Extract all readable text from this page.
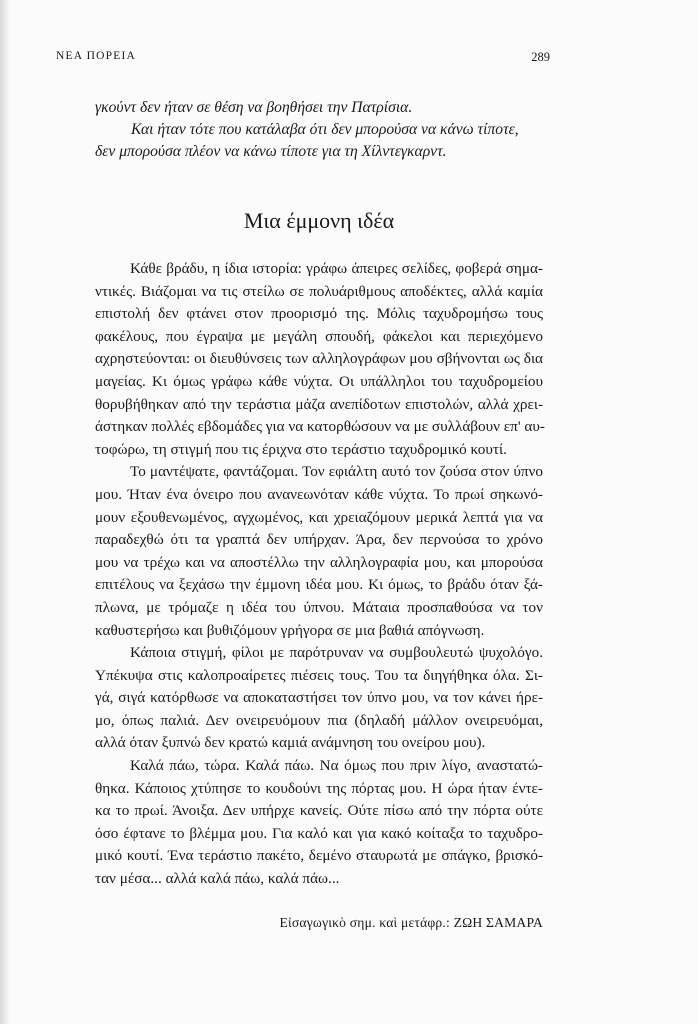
ΝΕΑ ΠΟΡΕΙΑ	289
γκούντ δεν ήταν σε θέση να βοηθήσει την Πατρίσια.
Και ήταν τότε που κατάλαβα ότι δεν μπορούσα να κάνω τίποτε,
δεν μπορούσα πλέον να κάνω τίποτε για τη Χίλντεγκαρντ.
Μια έμμονη ιδέα
Κάθε βράδυ, η ίδια ιστορία: γράφω άπειρες σελίδες, φοβερά σημα-
ντικές. Βιάζομαι να τις στείλω σε πολυάριθμους αποδέκτες, αλλά καμία
επιστολή δεν φτάνει στον προορισμό της. Μόλις ταχυδρομήσω τους
φακέλους, που έγραψα με μεγάλη σπουδή, φάκελοι και περιεχόμενο
αχρηστεύονται: οι διευθύνσεις των αλληλογράφων μου σβήνονται ως δια
μαγείας. Κι όμως γράφω κάθε νύχτα. Οι υπάλληλοι του ταχυδρομείου
θορυβήθηκαν από την τεράστια μάζα ανεπίδοτων επιστολών, αλλά χρει-
άστηκαν πολλές εβδομάδες για να κατορθώσουν να με συλλάβουν επ' αυ-
τοφώρω, τη στιγμή που τις έριχνα στο τεράστιο ταχυδρομικό κουτί.
Το μαντέψατε, φαντάζομαι. Τον εφιάλτη αυτό τον ζούσα στον ύπνο
μου. Ήταν ένα όνειρο που ανανεωνόταν κάθε νύχτα. Το πρωί σηκωνό-
μουν εξουθενωμένος, αγχωμένος, και χρειαζόμουν μερικά λεπτά για να
παραδεχθώ ότι τα γραπτά δεν υπήρχαν. Άρα, δεν περνούσα το χρόνο
μου να τρέχω και να αποστέλλω την αλληλογραφία μου, και μπορούσα
επιτέλους να ξεχάσω την έμμονη ιδέα μου. Κι όμως, το βράδυ όταν ξά-
πλωνα, με τρόμαζε η ιδέα του ύπνου. Μάταια προσπαθούσα να τον
καθυστερήσω και βυθιζόμουν γρήγορα σε μια βαθιά απόγνωση.
Κάποια στιγμή, φίλοι με παρότρυναν να συμβουλευτώ ψυχολόγο.
Υπέκυψα στις καλοπροαίρετες πιέσεις τους. Του τα διηγήθηκα όλα. Σι-
γά, σιγά κατόρθωσε να αποκαταστήσει τον ύπνο μου, να τον κάνει ήρε-
μο, όπως παλιά. Δεν ονειρευόμουν πια (δηλαδή μάλλον ονειρευόμαι,
αλλά όταν ξυπνώ δεν κρατώ καμιά ανάμνηση του ονείρου μου).
Καλά πάω, τώρα. Καλά πάω. Να όμως που πριν λίγο, αναστατώ-
θηκα. Κάποιος χτύπησε το κουδούνι της πόρτας μου. Η ώρα ήταν έντε-
κα το πρωί. Άνοιξα. Δεν υπήρχε κανείς. Ούτε πίσω από την πόρτα ούτε
όσο έφτανε το βλέμμα μου. Για καλό και για κακό κοίταξα το ταχυδρο-
μικό κουτί. Ένα τεράστιο πακέτο, δεμένο σταυρωτά με σπάγκο, βρισκό-
ταν μέσα... αλλά καλά πάω, καλά πάω...
Εἰσαγωγικὸ σημ. καὶ μετάφρ.: ΖΩΗ ΣΑΜΑΡΑ
